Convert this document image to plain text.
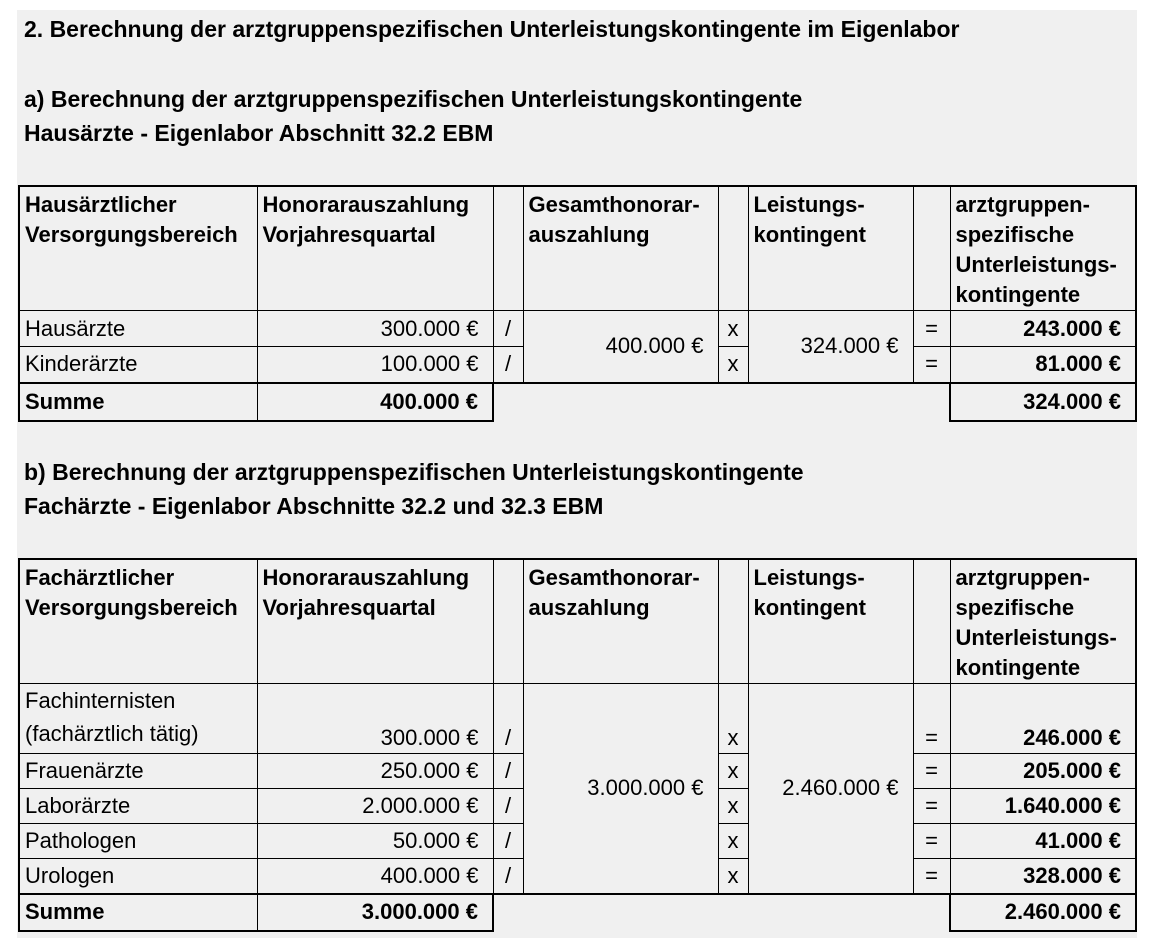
2. Berechnung der arztgruppenspezifischen Unterleistungskontingente im Eigenlabor
a) Berechnung der arztgruppenspezifischen Unterleistungskontingente
Hausärzte - Eigenlabor Abschnitt 32.2 EBM
Hausärztlicher Versorgungsbereich	Honorarauszahlung Vorjahresquartal		Gesamthonorar-auszahlung		Leistungs-kontingent		arztgruppen-spezifische Unterleistungs-kontingente
Hausärzte	300.000 €	/	400.000 €	x	324.000 €	=	243.000 €
Kinderärzte	100.000 €	/		x		=	81.000 €
Summe	400.000 €						324.000 €
b) Berechnung der arztgruppenspezifischen Unterleistungskontingente
Fachärzte - Eigenlabor Abschnitte 32.2 und 32.3 EBM
Fachärztlicher Versorgungsbereich	Honorarauszahlung Vorjahresquartal		Gesamthonorar-auszahlung		Leistungs-kontingent		arztgruppen-spezifische Unterleistungs-kontingente
Fachinternisten
(fachärztlich tätig)	300.000 €	/	3.000.000 €	x	2.460.000 €	=	246.000 €
Frauenärzte	250.000 €	/		x		=	205.000 €
Laborärzte	2.000.000 €	/		x		=	1.640.000 €
Pathologen	50.000 €	/		x		=	41.000 €
Urologen	400.000 €	/		x		=	328.000 €
Summe	3.000.000 €						2.460.000 €
